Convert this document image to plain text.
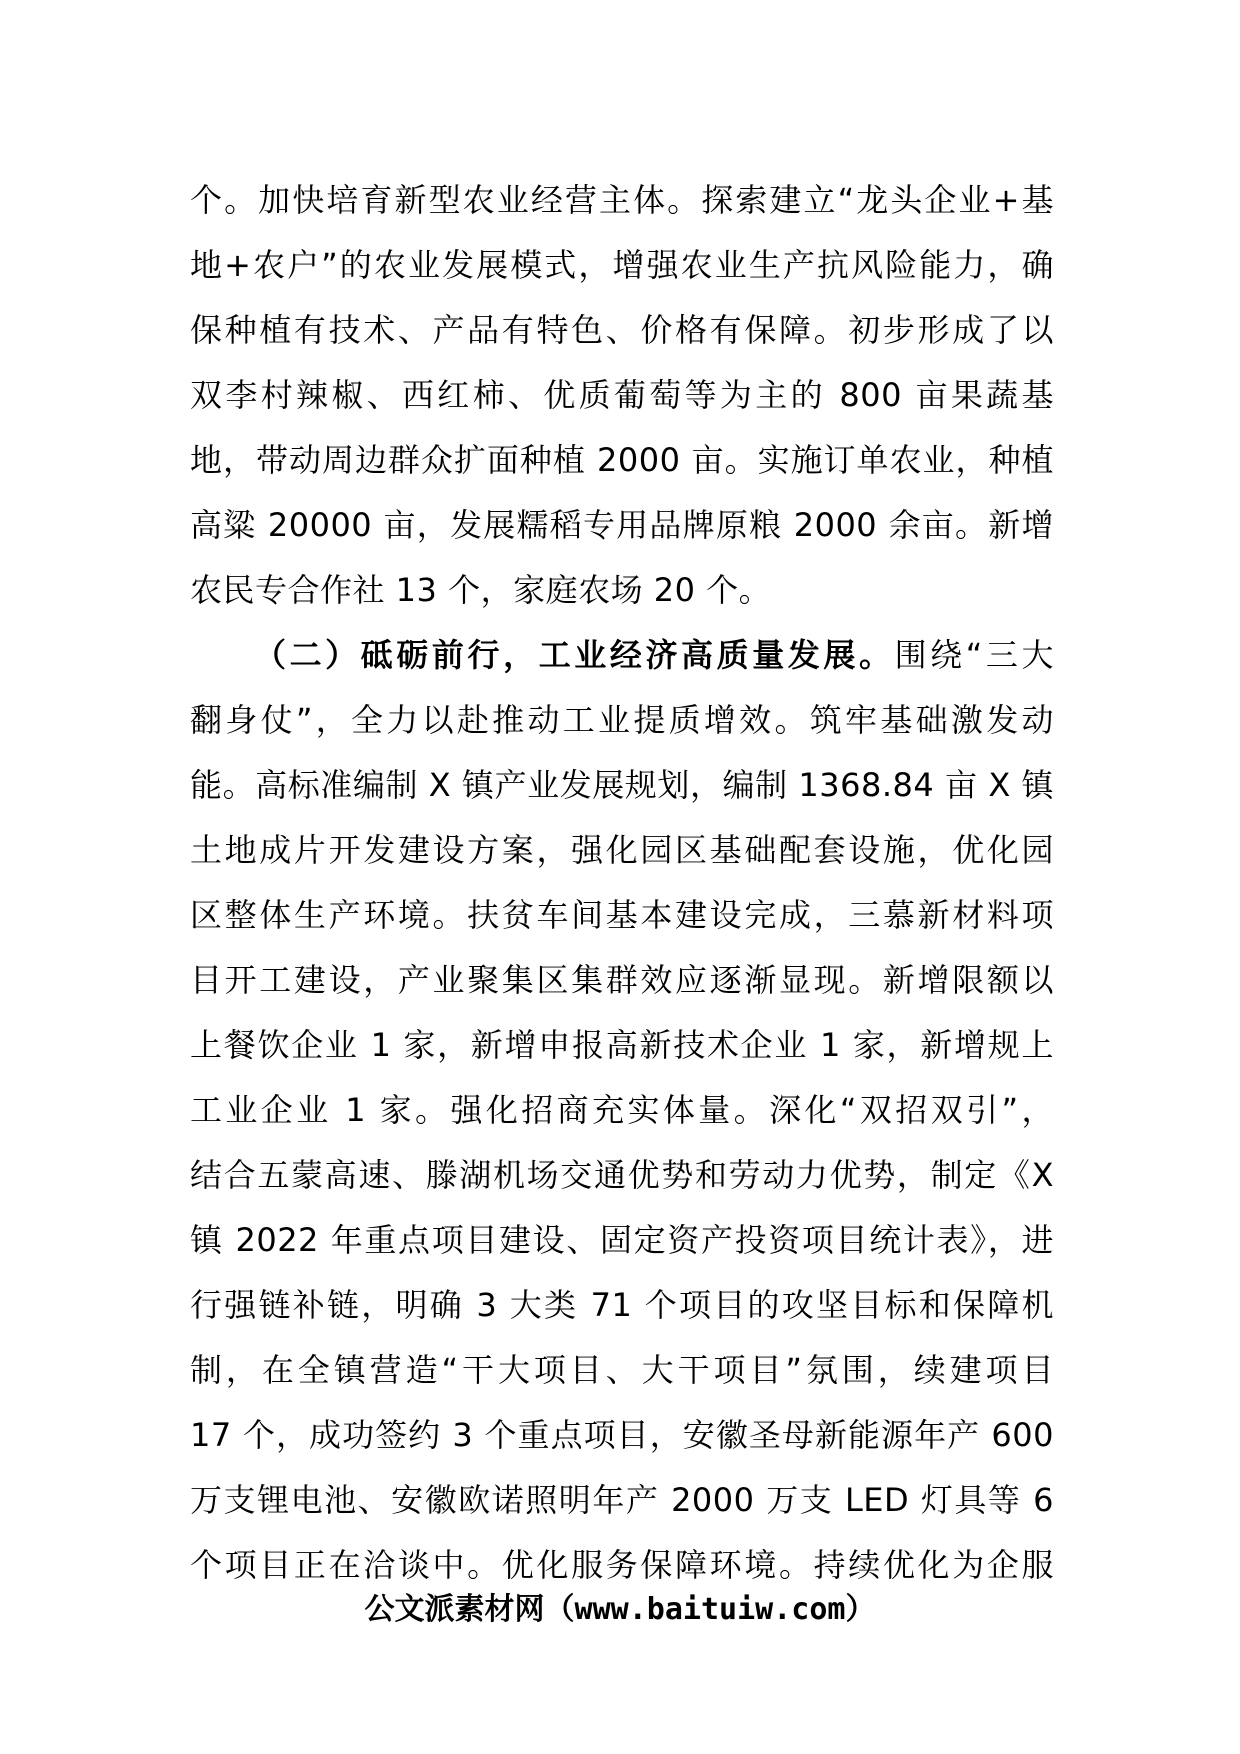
个。加快培育新型农业经营主体。探索建立“龙头企业+基
地+农户”的农业发展模式，增强农业生产抗风险能力，确
保种植有技术、产品有特色、价格有保障。初步形成了以
双李村辣椒、西红柿、优质葡萄等为主的 800 亩果蔬基
地，带动周边群众扩面种植 2000 亩。实施订单农业，种植
高粱 20000 亩，发展糯稻专用品牌原粮 2000 余亩。新增
农民专合作社 13 个，家庭农场 20 个。
（二）砥砺前行，工业经济高质量发展。围绕“三大
翻身仗”，全力以赴推动工业提质增效。筑牢基础激发动
能。高标准编制 X 镇产业发展规划，编制 1368.84 亩 X 镇
土地成片开发建设方案，强化园区基础配套设施，优化园
区整体生产环境。扶贫车间基本建设完成，三慕新材料项
目开工建设，产业聚集区集群效应逐渐显现。新增限额以
上餐饮企业 1 家，新增申报高新技术企业 1 家，新增规上
工业企业 1 家。强化招商充实体量。深化“双招双引”，
结合五蒙高速、滕湖机场交通优势和劳动力优势，制定《X
镇 2022 年重点项目建设、固定资产投资项目统计表》，进
行强链补链，明确 3 大类 71 个项目的攻坚目标和保障机
制，在全镇营造“干大项目、大干项目”氛围，续建项目
17 个，成功签约 3 个重点项目，安徽圣母新能源年产 600
万支锂电池、安徽欧诺照明年产 2000 万支 LED 灯具等 6
个项目正在洽谈中。优化服务保障环境。持续优化为企服
公文派素材网（www.baituiw.com）
